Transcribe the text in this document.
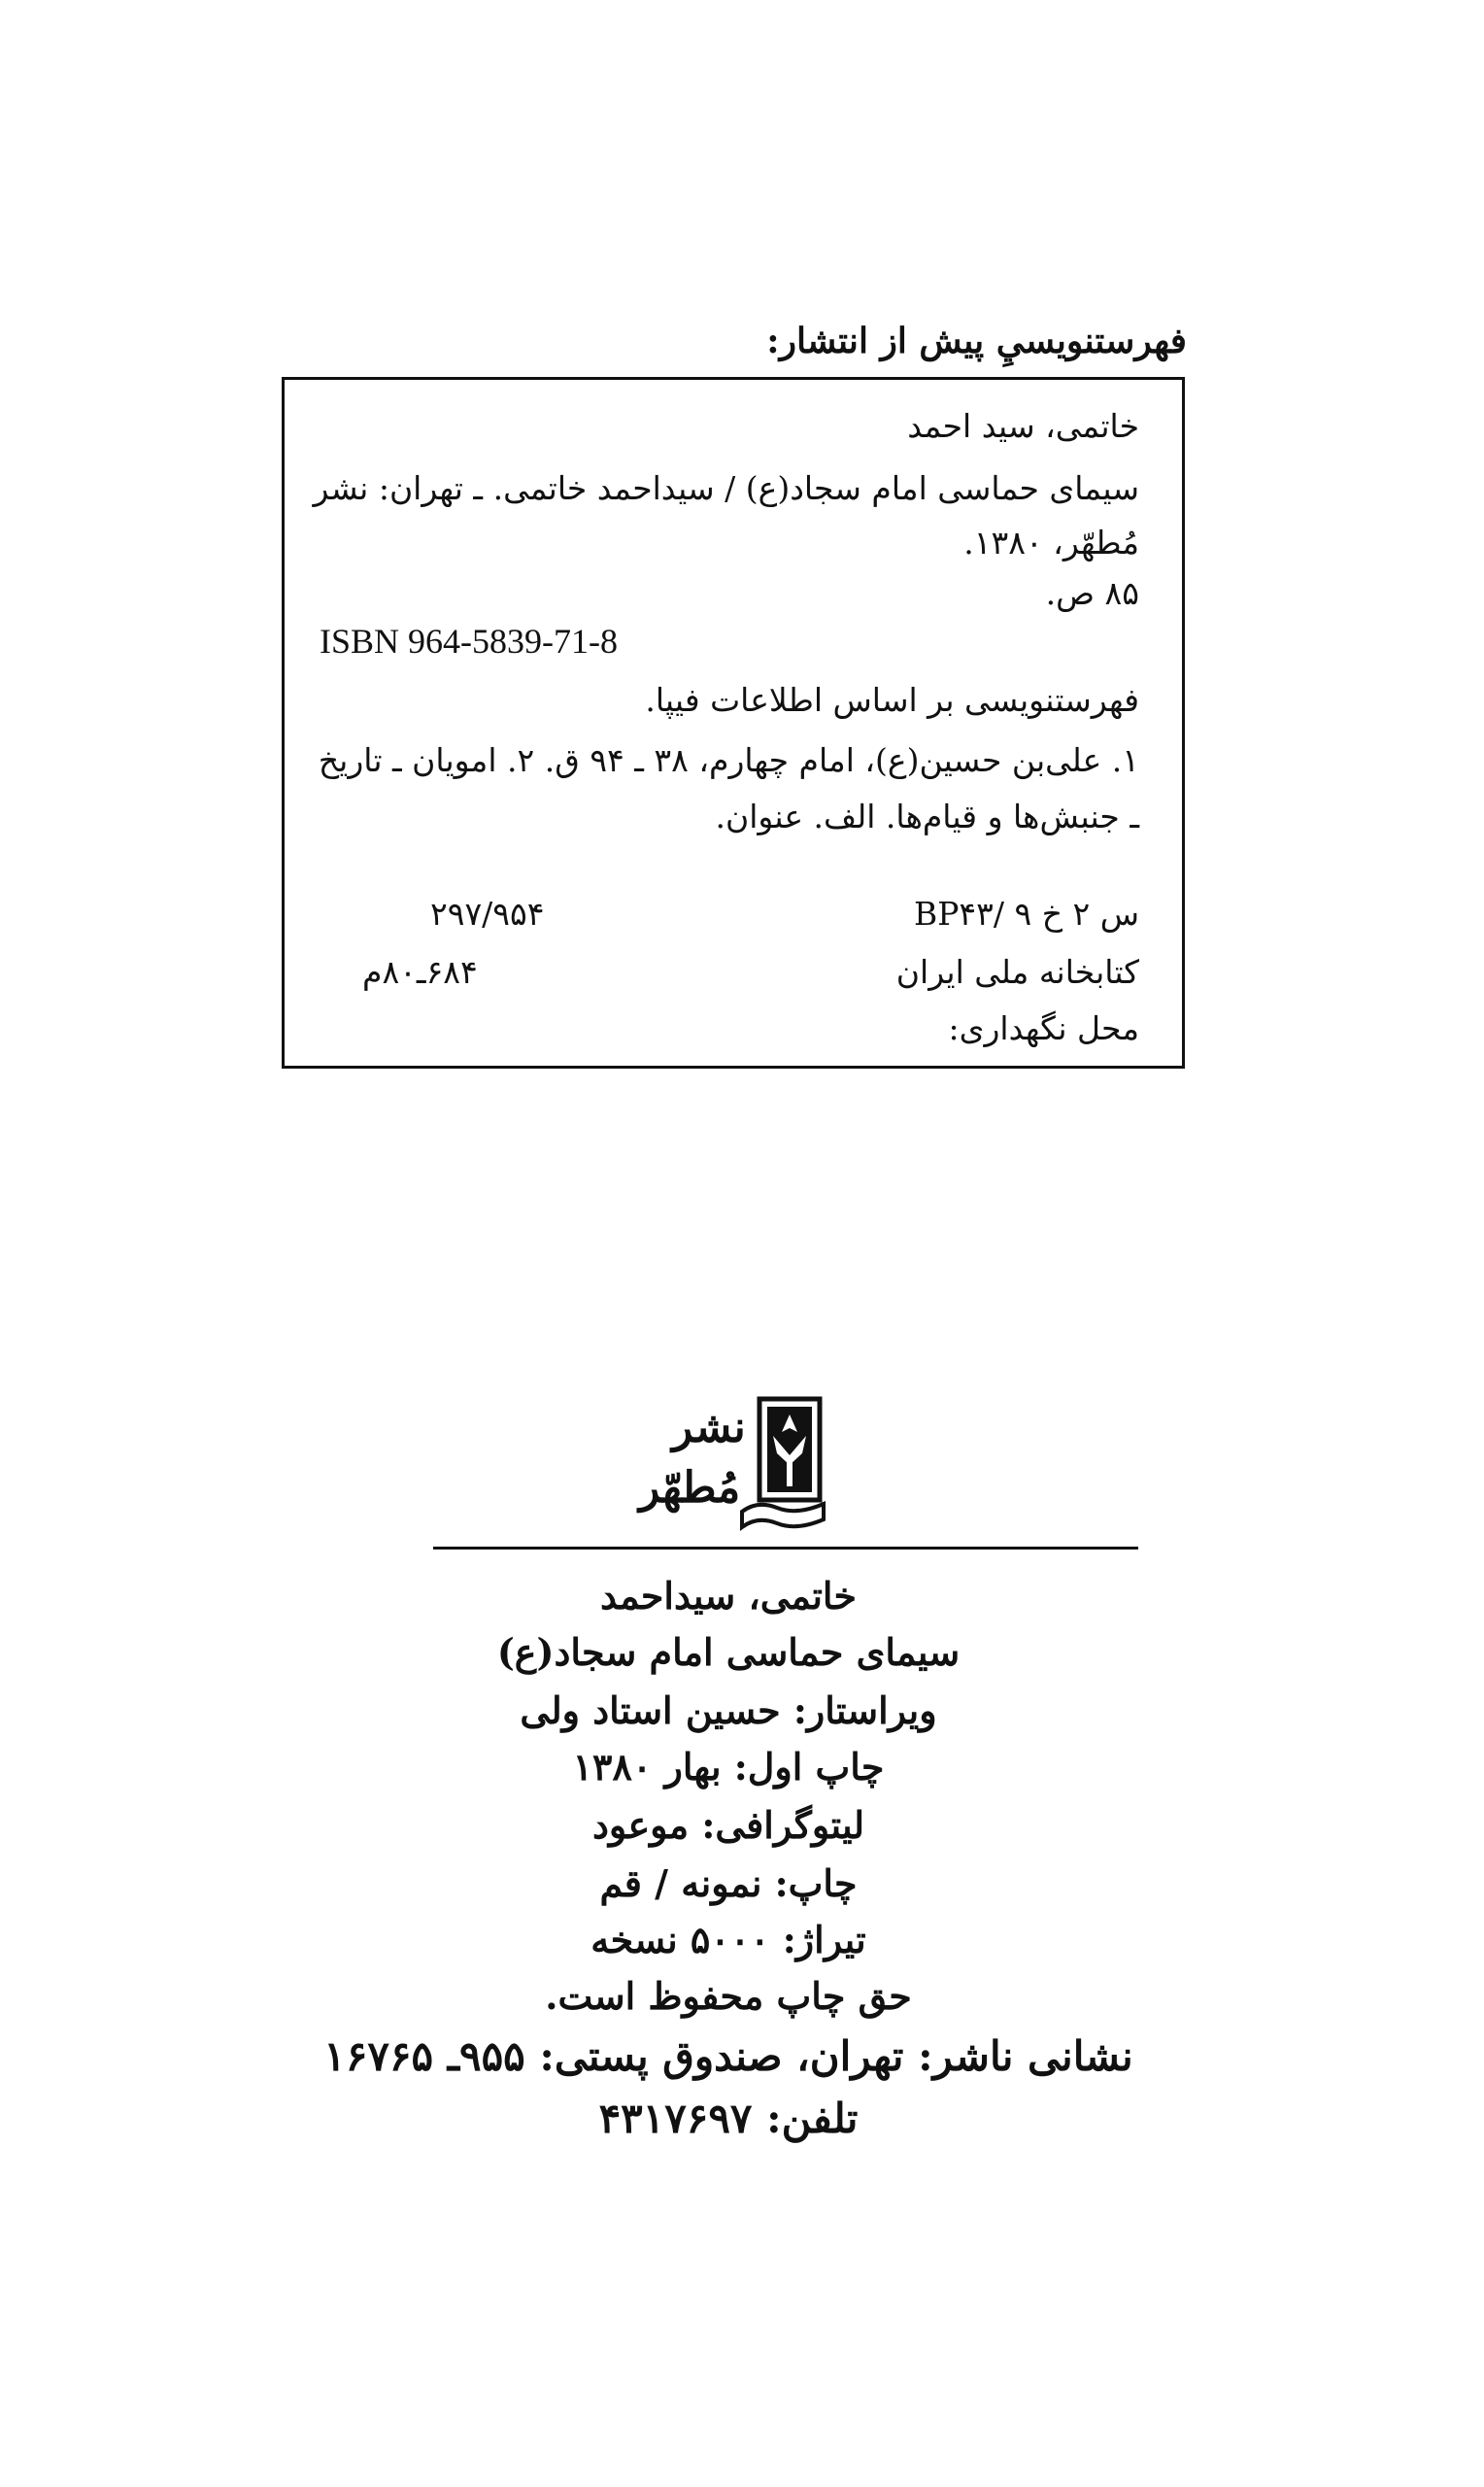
فهرستنويسيِ پيش از انتشار:
خاتمی، سید احمد
سیمای حماسی امام سجاد(ع) / سیداحمد خاتمی. ـ تهران: نشر
مُطهّر، ۱۳۸۰.
۸۵ ص.
ISBN 964-5839-71-8
فهرستنویسی بر اساس اطلاعات فیپا.
۱. علی‌بن حسین(ع)، امام چهارم، ۳۸ ـ ۹۴ ق. ۲. امویان ـ تاریخ
ـ جنبش‌ها و قیام‌ها. الف. عنوان.
BP۴۳/ ۹ س ۲ خ
۲۹۷/۹۵۴
کتابخانه ملی ایران
۶۸۴ـ۸۰م
محل نگهداری:
نشر
مُطهّر
خاتمی، سیداحمد
سیمای حماسی امام سجاد(ع)
ویراستار: حسین استاد ولی
چاپ اول: بهار ۱۳۸۰
لیتوگرافی: موعود
چاپ: نمونه / قم
تیراژ: ۵۰۰۰ نسخه
حق چاپ محفوظ است.
نشانی ناشر: تهران، صندوق پستی: ۹۵۵ـ ۱۶۷۶۵
تلفن: ۴۳۱۷۶۹۷
